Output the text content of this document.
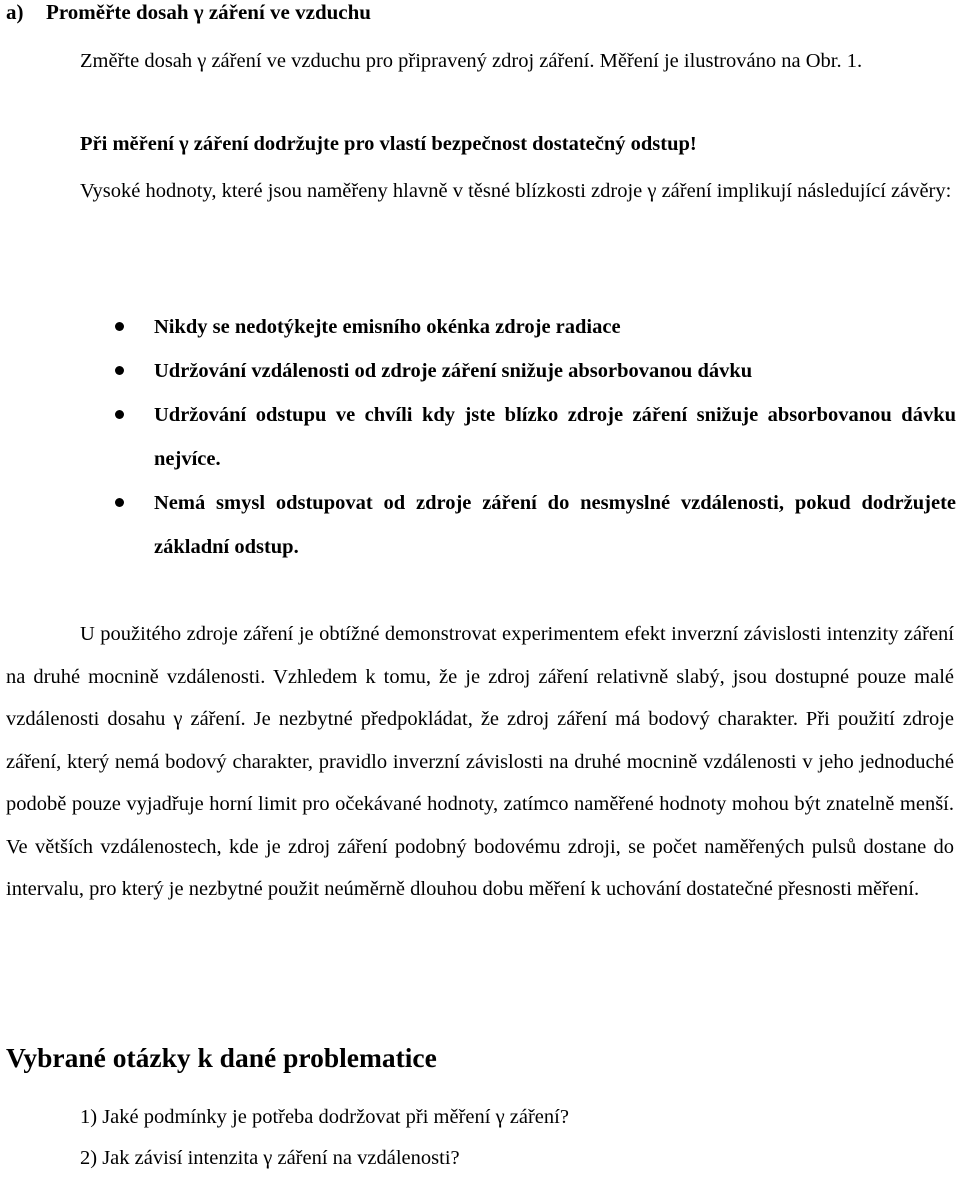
a) Proměřte dosah γ záření ve vzduchu
Změřte dosah γ záření ve vzduchu pro připravený zdroj záření. Měření je ilustrováno na Obr. 1.
Při měření γ záření dodržujte pro vlastí bezpečnost dostatečný odstup!
Vysoké hodnoty, které jsou naměřeny hlavně v těsné blízkosti zdroje γ záření implikují následující závěry:
Nikdy se nedotýkejte emisního okénka zdroje radiace
Udržování vzdálenosti od zdroje záření snižuje absorbovanou dávku
Udržování odstupu ve chvíli kdy jste blízko zdroje záření snižuje absorbovanou dávku nejvíce.
Nemá smysl odstupovat od zdroje záření do nesmyslné vzdálenosti, pokud dodržujete základní odstup.
U použitého zdroje záření je obtížné demonstrovat experimentem efekt inverzní závislosti intenzity záření na druhé mocnině vzdálenosti. Vzhledem k tomu, že je zdroj záření relativně slabý, jsou dostupné pouze malé vzdálenosti dosahu γ záření. Je nezbytné předpokládat, že zdroj záření má bodový charakter. Při použití zdroje záření, který nemá bodový charakter, pravidlo inverzní závislosti na druhé mocnině vzdálenosti v jeho jednoduché podobě pouze vyjadřuje horní limit pro očekávané hodnoty, zatímco naměřené hodnoty mohou být znatelně menší. Ve větších vzdálenostech, kde je zdroj záření podobný bodovému zdroji, se počet naměřených pulsů dostane do intervalu, pro který je nezbytné použit neúměrně dlouhou dobu měření k uchování dostatečné přesnosti měření.
Vybrané otázky k dané problematice
1) Jaké podmínky je potřeba dodržovat při měření γ záření?
2) Jak závisí intenzita γ záření na vzdálenosti?
